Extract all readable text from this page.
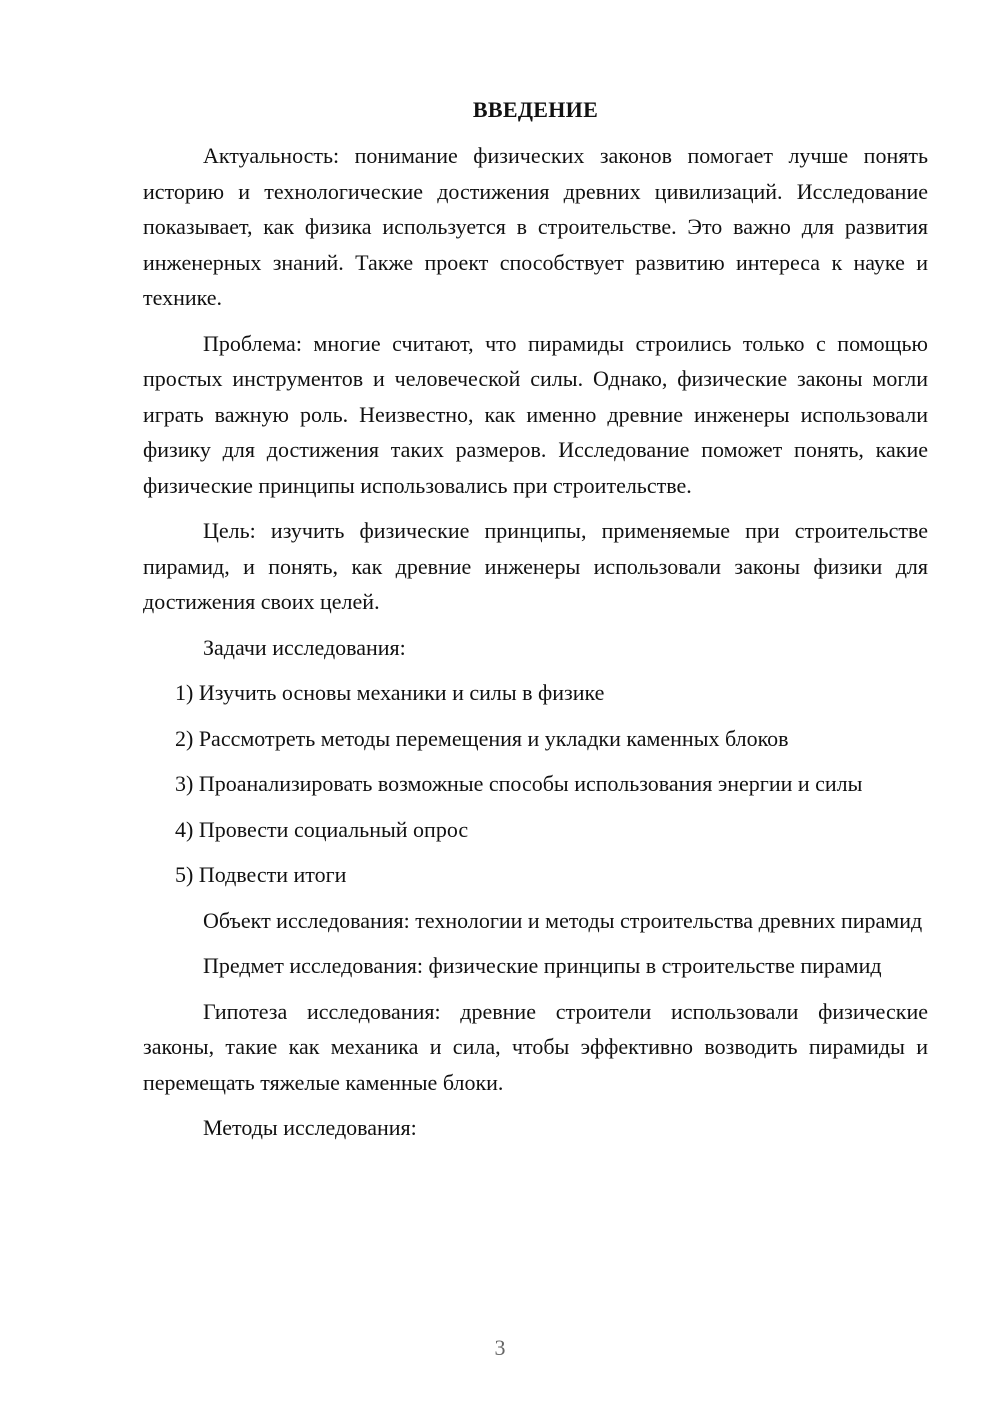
ВВЕДЕНИЕ

Актуальность: понимание физических законов помогает лучше понять историю и технологические достижения древних цивилизаций. Исследование показывает, как физика используется в строительстве. Это важно для развития инженерных знаний. Также проект способствует развитию интереса к науке и технике.

Проблема: многие считают, что пирамиды строились только с помощью простых инструментов и человеческой силы. Однако, физические законы могли играть важную роль. Неизвестно, как именно древние инженеры использовали физику для достижения таких размеров. Исследование поможет понять, какие физические принципы использовались при строительстве.

Цель: изучить физические принципы, применяемые при строительстве пирамид, и понять, как древние инженеры использовали законы физики для достижения своих целей.

Задачи исследования:

1) Изучить основы механики и силы в физике

2) Рассмотреть методы перемещения и укладки каменных блоков

3) Проанализировать возможные способы использования энергии и силы

4) Провести социальный опрос

5) Подвести итоги

Объект исследования: технологии и методы строительства древних пирамид

Предмет исследования: физические принципы в строительстве пирамид

Гипотеза исследования: древние строители использовали физические законы, такие как механика и сила, чтобы эффективно возводить пирамиды и перемещать тяжелые каменные блоки.

Методы исследования:

3
